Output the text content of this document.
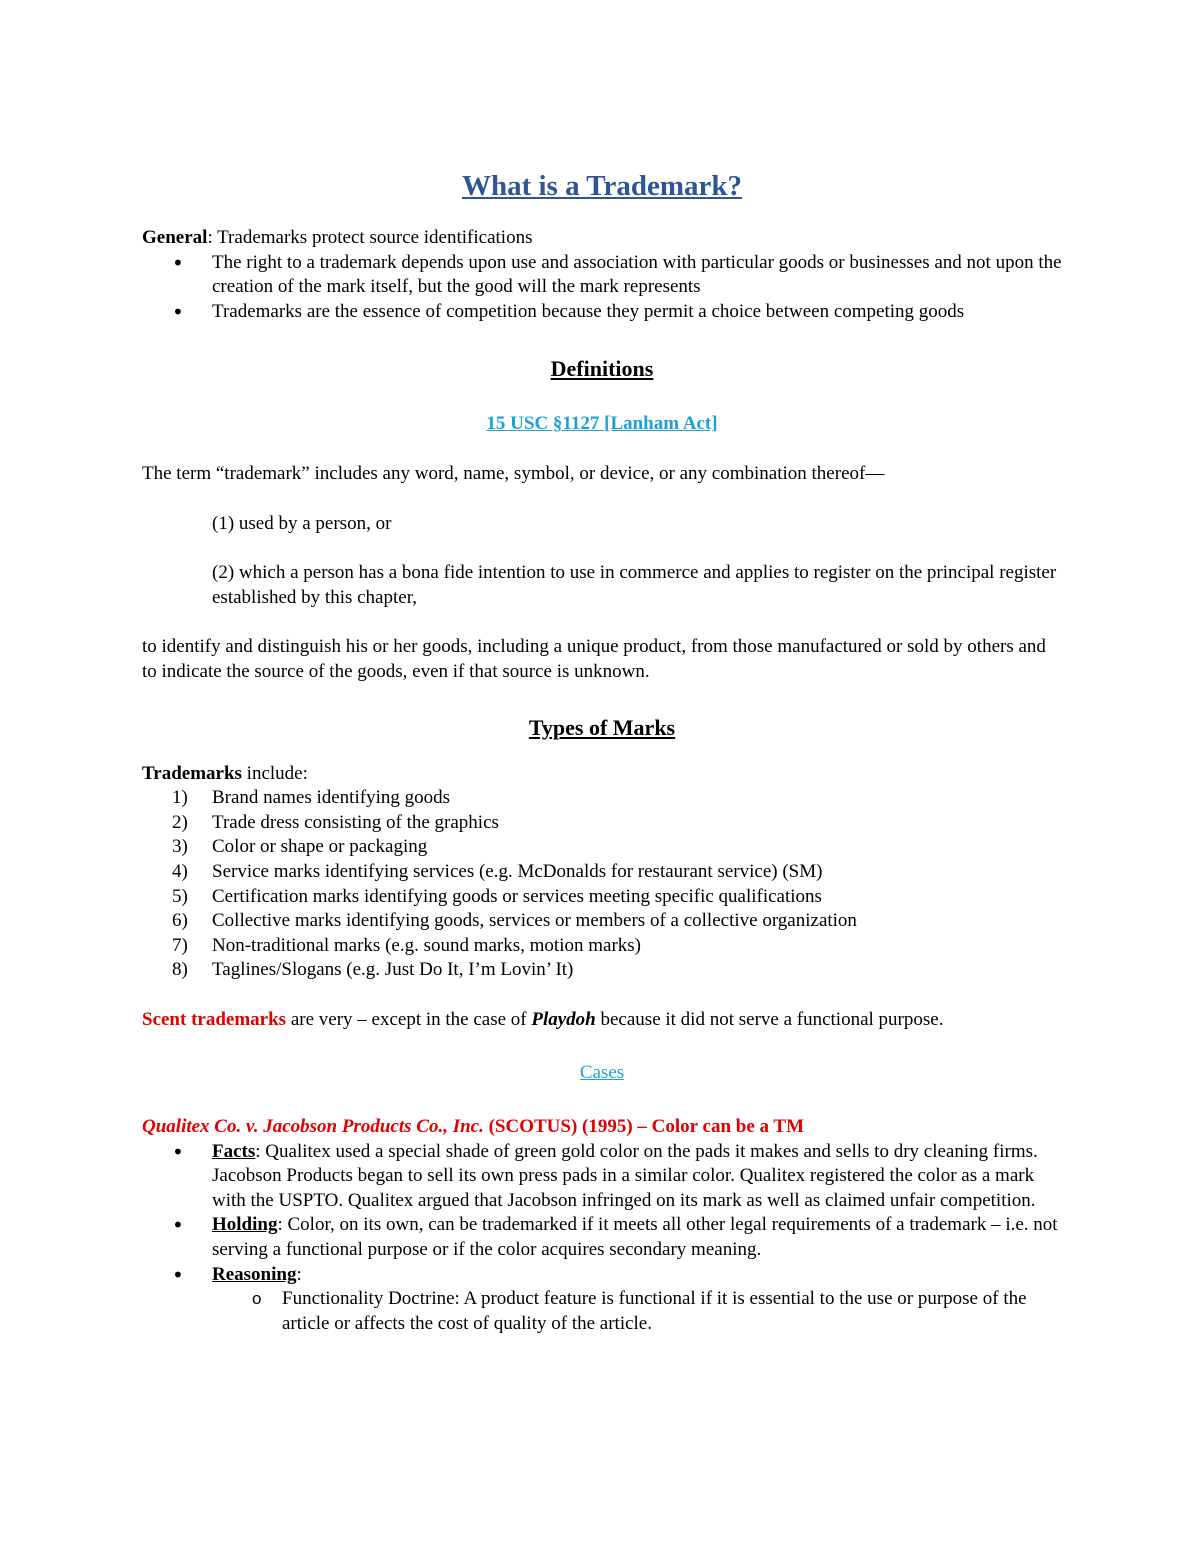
What is a Trademark?

General: Trademarks protect source identifications

• The right to a trademark depends upon use and association with particular goods or businesses and not upon the creation of the mark itself, but the good will the mark represents
• Trademarks are the essence of competition because they permit a choice between competing goods
Definitions

15 USC §1127 [Lanham Act]

The term “trademark” includes any word, name, symbol, or device, or any combination thereof—

(1) used by a person, or

(2) which a person has a bona fide intention to use in commerce and applies to register on the principal register established by this chapter,

to identify and distinguish his or her goods, including a unique product, from those manufactured or sold by others and to indicate the source of the goods, even if that source is unknown.

Types of Marks

Trademarks include:

1) Brand names identifying goods
2) Trade dress consisting of the graphics
3) Color or shape or packaging
4) Service marks identifying services (e.g. McDonalds for restaurant service) (SM)
5) Certification marks identifying goods or services meeting specific qualifications
6) Collective marks identifying goods, services or members of a collective organization
7) Non-traditional marks (e.g. sound marks, motion marks)
8) Taglines/Slogans (e.g. Just Do It, I’m Lovin’ It)

Scent trademarks are very – except in the case of Playdoh because it did not serve a functional purpose.

Cases

Qualitex Co. v. Jacobson Products Co., Inc. (SCOTUS) (1995) – Color can be a TM

• Facts: Qualitex used a special shade of green gold color on the pads it makes and sells to dry cleaning firms. Jacobson Products began to sell its own press pads in a similar color. Qualitex registered the color as a mark with the USPTO. Qualitex argued that Jacobson infringed on its mark as well as claimed unfair competition.
• Holding: Color, on its own, can be trademarked if it meets all other legal requirements of a trademark – i.e. not serving a functional purpose or if the color acquires secondary meaning.
• Reasoning:
o Functionality Doctrine: A product feature is functional if it is essential to the use or purpose of the article or affects the cost of quality of the article.
